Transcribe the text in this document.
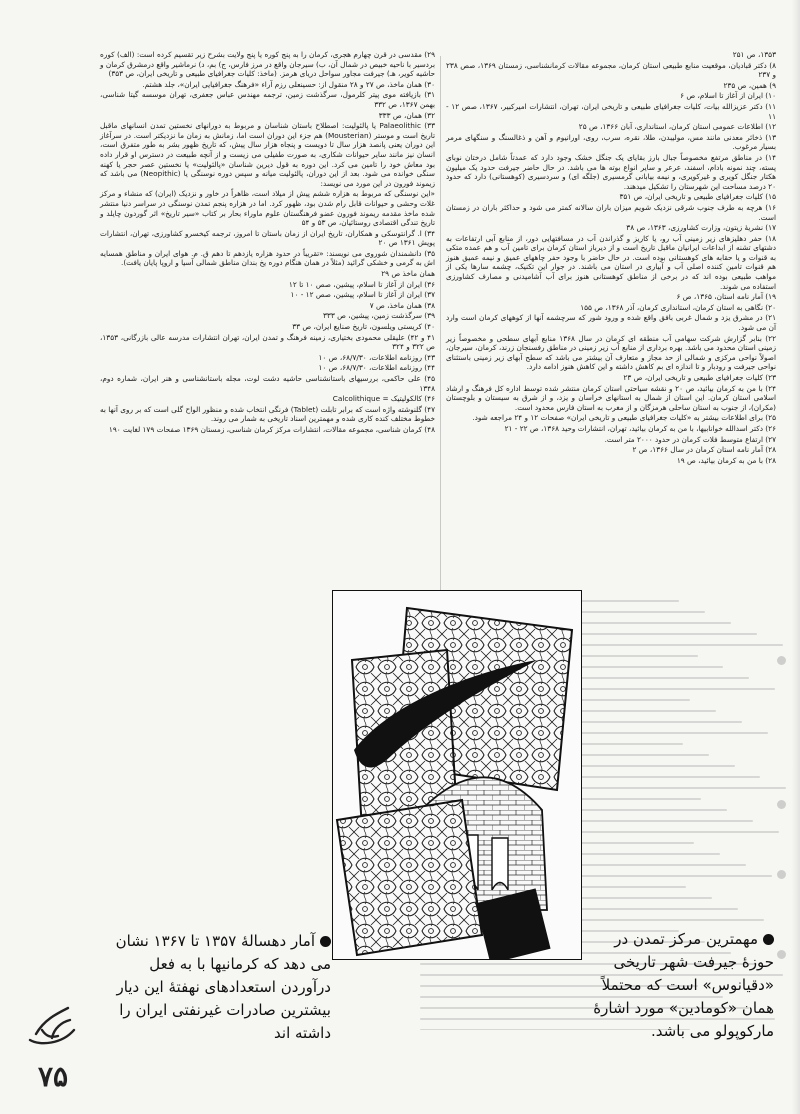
۲۹) مقدسی در قرن چهارم هجری، کرمان را به پنج کوره یا پنج ولایت بشرح زیر تقسیم کرده است: (الف) کوره بردسیر با ناحیه خبیص در شمال آن، ب) سیرجان واقع در مرز فارس، ج) بم، د) نرماشیر واقع درمشرق کرمان و حاشیه کویر، هـ) جیرفت مجاور سواحل دریای هرمز. (ماخذ: کلیات جغرافیای طبیعی و تاریخی ایران، ص ۳۵۳)

۳۰) همان ماخذ، ص ۲۷ و ۲۸ منقول از: حسینعلی رزم آراء «فرهنگ جغرافیایی ایران»، جلد هشتم.

۳۱) بازیافته موی پیتر کلرمول، سرگذشت زمین، ترجمه مهندس عباس جعفری، تهران موسسه گیتا شناسی، بهمن ۱۳۶۷، ص ۳۳۲

۳۲) همان، ص ۳۳۳

۳۳) Palaeolithic یا پالئولیت: اصطلاح باستان شناسان و مربوط به دورانهای نخستین تمدن انسانهای ماقبل تاریخ است و موستر (Mousterian) هم جزء این دوران است اما، زمانش به زمان ما نزدیکتر است. در سرآغاز این دوران یعنی پانصد هزار سال تا دویست و پنجاه هزار سال پیش، که تاریخ ظهور بشر به طور متفرق است، انسان نیز مانند سایر حیوانات شکاری، به صورت طفیلی می زیست و از آنچه طبیعت در دسترس او قرار داده بود معاش خود را تامین می کرد. این دوره به قول دیرین شناسان «پالئولیت» یا نخستین عصر حجر یا کهنه سنگی خوانده می شود. بعد از این دوران، پالئولیت میانه و سپس دوره نوسنگی یا (Neopithic) می باشد که زیموند فورون در این مورد می نویسد:

«این نوسنگی که مربوط به هزاره ششم پیش از میلاد است، ظاهراً در خاور و نزدیک (ایران) که منشاء و مرکز غلات وحشی و حیوانات قابل رام شدن بود، ظهور کرد. اما در هزاره پنجم تمدن نوسنگی در سراسر دنیا منتشر شده ماخذ مقدمه ریموند فورون عضو فرهنگستان علوم ماوراء بحار بر کتاب «سیر تاریخ» اثر گوردون چایلد و تاریخ تندگی اقتصادی روستائیان، ص ۵۳ و ۵۴

۳۴) ا. گرانتوسکی و همکاران، تاریخ ایران از زمان باستان تا امروز، ترجمه کیخسرو کشاورزی، تهران، انتشارات پویش ۱۳۶۱ ص ۲۰

۳۵) دانشمندان شوروی می نویسند: «تقریباً در حدود هزاره یازدهم تا دهم ق. م. هوای ایران و مناطق همسایه اش به گرمی و خشکی گرائید (مثلاً در همان هنگام دوره یخ بندان مناطق شمالی آسیا و اروپا پایان یافت).

همان ماخذ ص ۲۹

۳۶) ایران از آغاز تا اسلام، پیشین، صص ۱۰ تا ۱۲

۳۷) ایران از آغاز تا اسلام، پیشین، صص ۱۲ - ۱۰

۳۸) همان ماخذ، ص ۷

۳۹) سرگذشت زمین، پیشین، ص ۳۳۳

۴۰) کریستی ویلسون، تاریخ صنایع ایران، ص ۳۳

۴۱ و ۴۲) علیقلی محمودی بختیاری، زمینه فرهنگ و تمدن ایران، تهران انتشارات مدرسه عالی بازرگانی، ۱۳۵۳، ص ۳۲۲ و ۳۲۴

۴۳) روزنامه اطلاعات، ۶۸/۷/۳۰، ص ۱۰

۴۴) روزنامه اطلاعات، ۶۸/۷/۳۰، ص ۱۰

۴۵) علی حاکمی، بررسیهای باستانشناسی حاشیه دشت لوت، مجله باستانشناسی و هنر ایران، شماره دوم، ۱۳۴۸

۴۶) کالکولیتیک = Calcolithique

۴۷) گلنوشته واژه است که برابر تابلت (Tablet) فرنگی انتخاب شده و منظور الواح گلی است که بر روی آنها به خطوط مختلف کنده کاری شده و مهمترین اسناد تاریخی به شمار می روند.

۴۸) کرمان شناسی، مجموعه مقالات، انتشارات مرکز کرمان شناسی، زمستان ۱۳۶۹ صفحات ۱۷۹ لغایت ۱۹۰

۱۳۵۳، ص ۲۵۱

۸) دکتر قبادیان، موقعیت منابع طبیعی استان کرمان، مجموعه مقالات کرمانشناسی، زمستان ۱۳۶۹، صص ۲۳۸ و ۲۳۷

۹) همین، ص ۲۳۵

۱۰) ایران از آغاز تا اسلام، ص ۶

۱۱) دکتر عزیزالله بیات، کلیات جغرافیای طبیعی و تاریخی ایران، تهران، انتشارات امیرکبیر، ۱۳۶۷، صص ۱۲ - ۱۱

۱۲) اطلاعات عمومی استان کرمان، استانداری، آبان ۱۳۶۶، ص ۲۵

۱۳) ذخائر معدنی مانند مس، مولیبدن، طلا، نقره، سرب، روی، اورانیوم و آهن و ذغالسنگ و سنگهای مرمر بسیار مرغوب.

۱۴) در مناطق مرتفع مخصوصاً جبال بارز بقایای یک جنگل خشک وجود دارد که عمدتاً شامل درختان نوبای پسته، چند نمونه بادام، اسفند، عرعر و سایر انواع بوته ها می باشد. در حال حاضر جیرفت حدود یک میلیون هکتار جنگل کویری و غیرکویری، و نیمه بیابانی گرمسیری (جلگه ای) و سردسیری (کوهستانی) دارد که حدود ۲۰ درصد مساحت این شهرستان را تشکیل میدهند.

۱۵) کلیات جغرافیای طبیعی و تاریخی ایران، ص ۳۵۱

۱۶) هرچه به طرف جنوب شرقی نزدیک شویم میزان باران سالانه کمتر می شود و حداکثر باران در زمستان است.

۱۷) نشریهٔ زیتون، وزارت کشاورزی، ۱۳۶۳، ص ۳۸

۱۸) حفر دهلیزهای زیر زمینی آب رو، یا کاریز و گذراندن آب در مسافتهایی دور، از منابع آبی ارتفاعات به دشتهای تشنه از ابداعات ایرانیان ماقبل تاریخ است و از دیرباز استان کرمان برای تامین آب و هم عمده متکی به قنوات و یا حقابه های کوهستانی بوده است. در حال حاضر با وجود حفر چاههای عمیق و نیمه عمیق هنوز هم قنوات تامین کننده اصلی آب و آبیاری در استان می باشند. در جوار این تکنیک، چشمه سارها یکی از مواهب طبیعی بوده اند که در برخی از مناطق کوهستانی هنوز برای آب آشامیدنی و مصارف کشاورزی استفاده می شوند.

۱۹) آمار نامه استان، ۱۳۶۵، ص ۶

۲۰) نگاهی به استان کرمان، استانداری کرمان، آذر ۱۳۶۸، ص ۱۵۵

۲۱) در مشرق یزد و شمال غربی بافق واقع شده و ورود شور که سرچشمه آنها از کوههای کرمان است وارد آن می شود.

۲۲) بنابر گزارش شرکت سهامی آب منطقه ای کرمان در سال ۱۳۶۸ منابع آبهای سطحی و مخصوصاً زیر زمینی استان محدود می باشد. بهره برداری از منابع آب زیر زمینی در مناطق رفسنجان زرند، کرمان، سیرجان، اصولاً نواحی مرکزی و شمالی از حد مجاز و متعارف آن بیشتر می باشد که سطح آبهای زیر زمینی باستثنای نواحی جیرفت و رودبار و تا اندازه ای بم کاهش داشته و این کاهش هنوز ادامه دارد.

۲۳) کلیات جغرافیای طبیعی و تاریخی ایران، ص ۲۳

۲۴) با من به کرمان بیائید، ص ۲۰ و نقشه سیاحتی استان کرمان منتشر شده توسط اداره کل فرهنگ و ارشاد اسلامی استان کرمان. این استان از شمال به استانهای خراسان و یزد، و از شرق به سیستان و بلوچستان (مکران)، از جنوب به استان ساحلی هرمزگان و از مغرب به استان فارس محدود است.

۲۵) برای اطلاعات بیشتر به «کلیات جغرافیای طبیعی و تاریخی ایران» صفحات ۱۲ و ۲۴ مراجعه شود.

۲۶) دکتر اسدالله خوانابیها، با من به کرمان بیائید، تهران، انتشارات وحید ۱۳۶۸، ص ۲۲ - ۲۱

۲۷) ارتفاع متوسط فلات کرمان در حدود ۲۰۰۰ متر است.

۲۸) آمار نامه استان کرمان در سال ۱۳۶۶، ص ۲

۲۸) با من به کرمان بیائید، ص ۱۹

مهمترین مرکز تمدن در حوزهٔ جیرفت شهر تاریخی «دقیانوس» است که محتملاً همان «کومادین» مورد اشارهٔ مارکوپولو می باشد.
آمار دهسالهٔ ۱۳۵۷ تا ۱۳۶۷ نشان می دهد که کرمانیها با به فعل درآوردن استعدادهای نهفتهٔ این دیار بیشترین صادرات غیرنفتی ایران را داشته اند
۷۵
